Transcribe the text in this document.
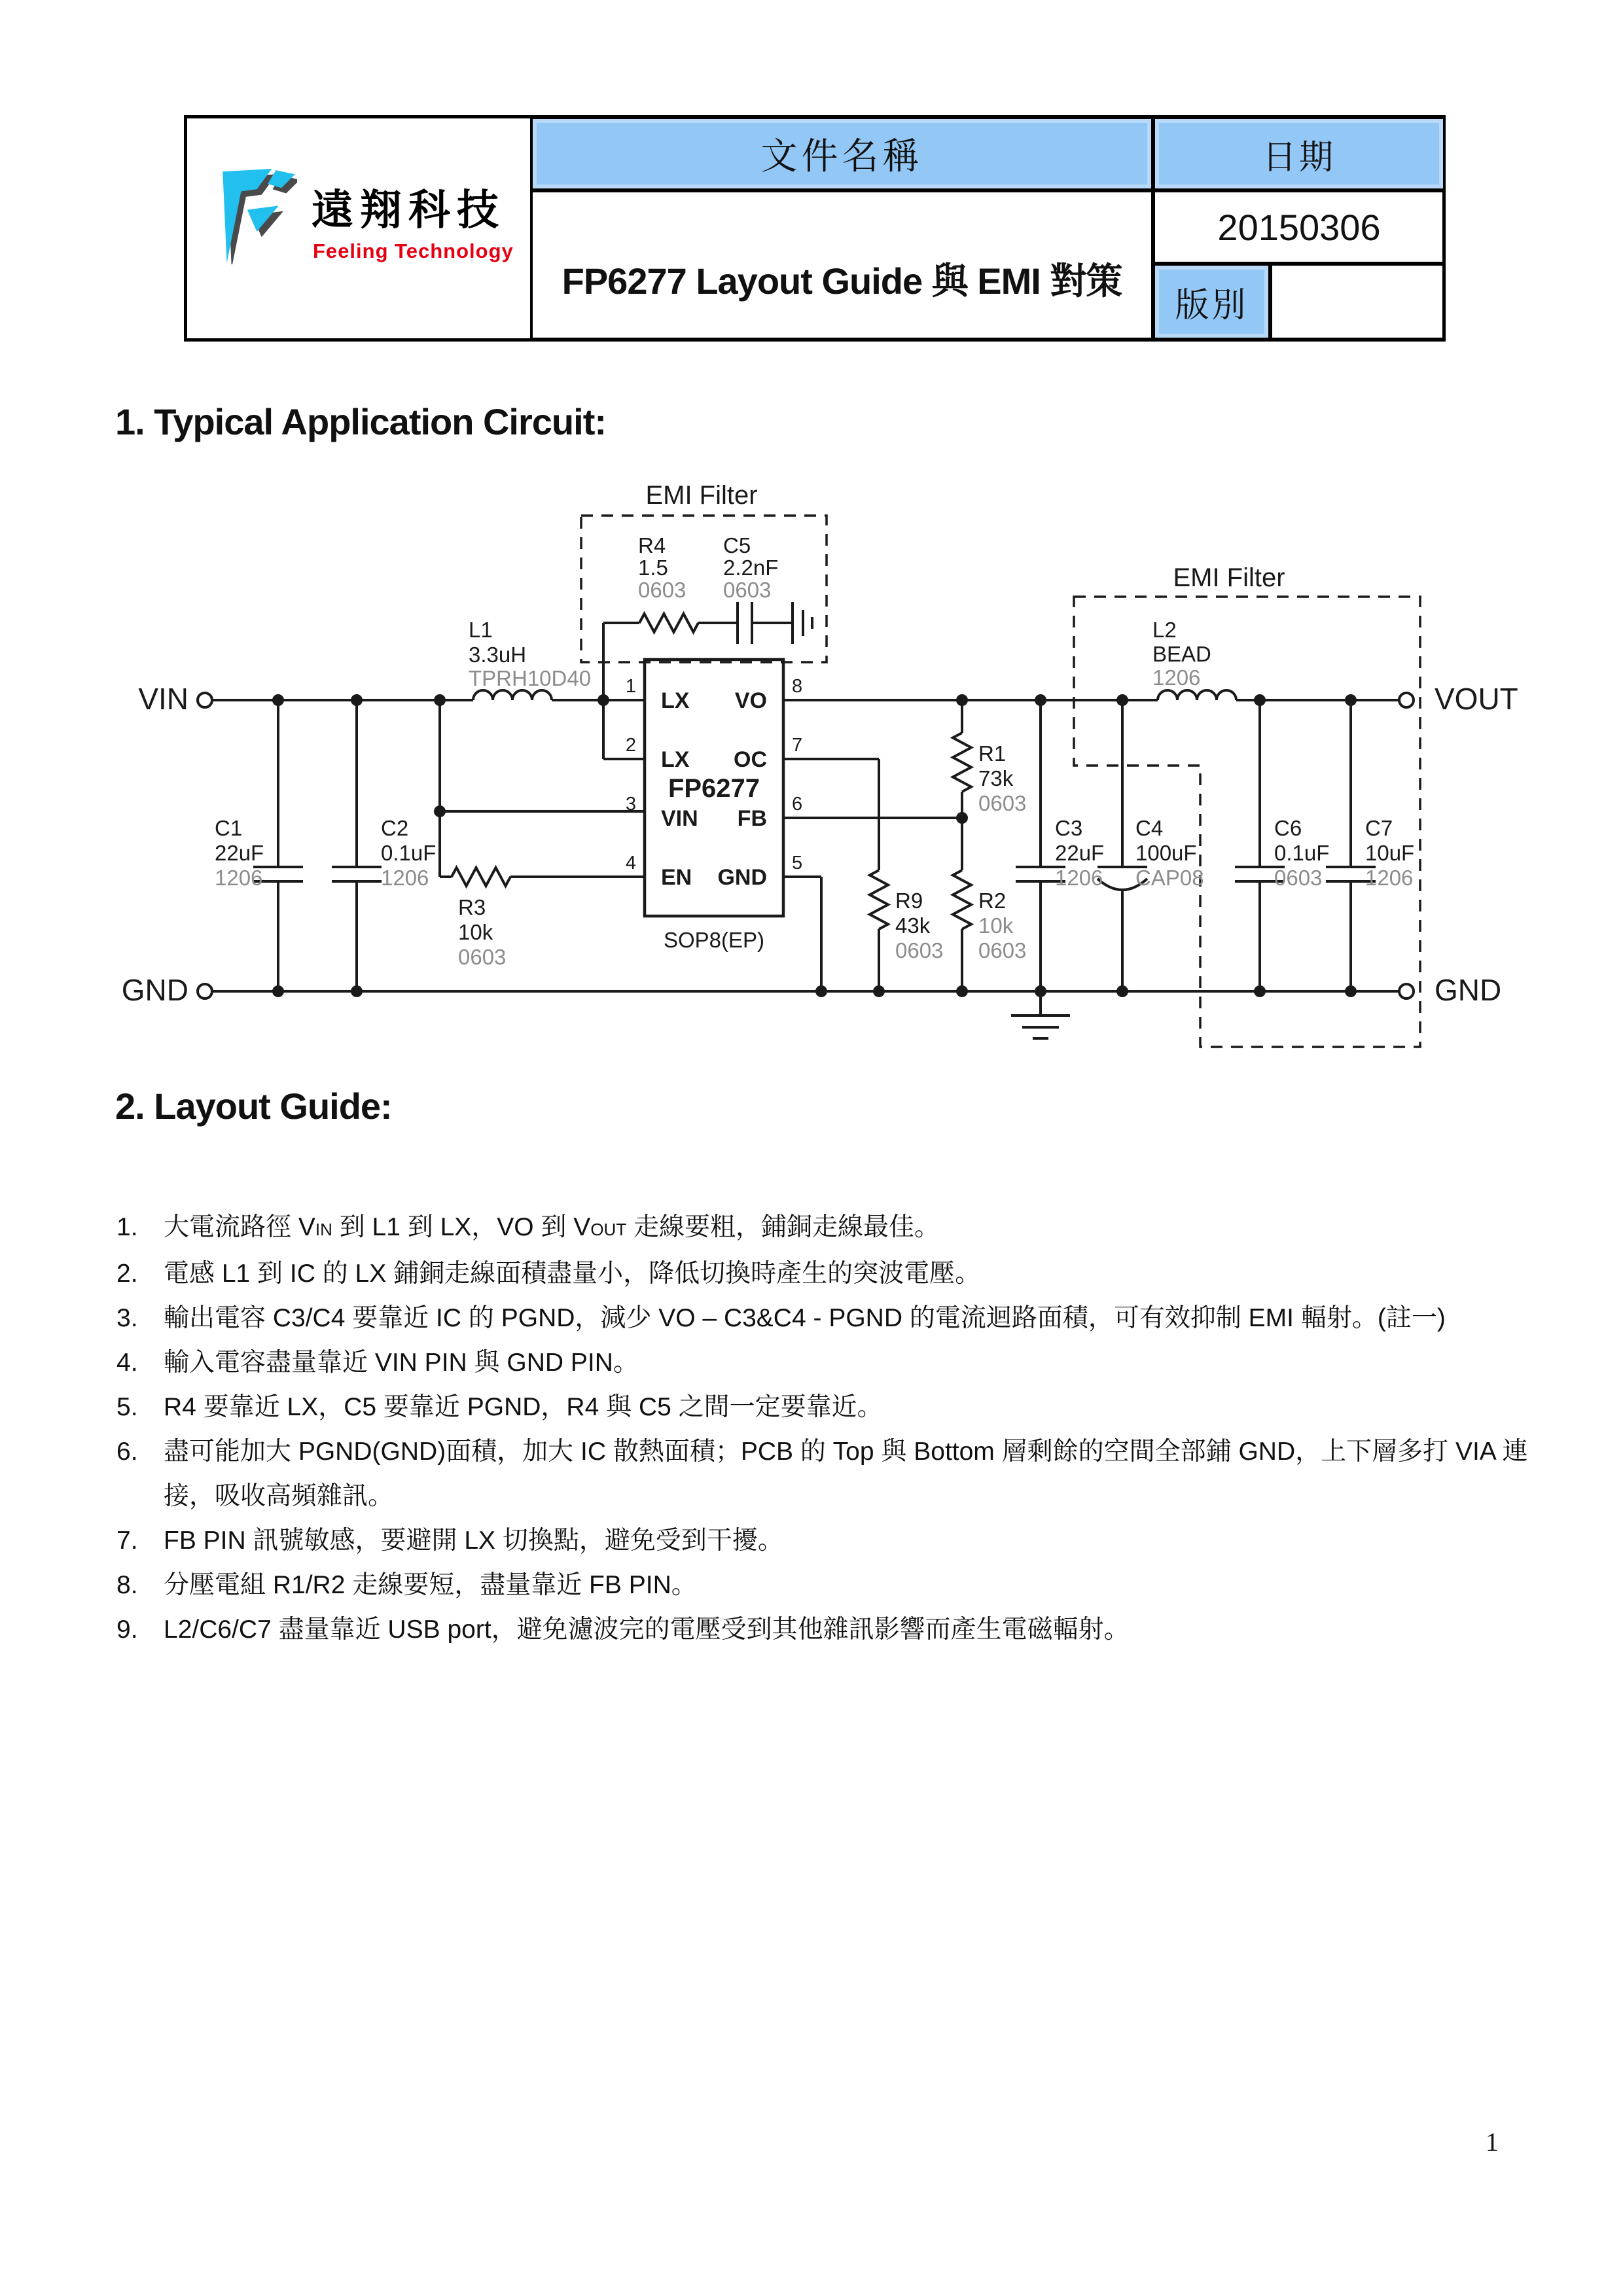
遠翔科技
Feeling Technology
文件名稱
FP6277 Layout Guide 與 EMI 對策
日期
20150306
版別
1. Typical Application Circuit:
FP6277
LX
LX
VIN
EN
VO
OC
FB
GND
1
2
3
4
8
7
6
5
SOP8(EP)
EMI Filter
EMI Filter
VIN
GND
VOUT
GND
L1
3.3uH
TPRH10D40
R4
1.5
0603
C5
2.2nF
0603
C1
22uF
1206
C2
0.1uF
1206
R3
10k
0603
R1
73k
0603
R9
43k
0603
R2
10k
0603
C3
22uF
1206
C4
100uF
CAP08
L2
BEAD
1206
C6
0.1uF
0603
C7
10uF
1206
2. Layout Guide:
1.	大電流路徑 VIN 到 L1 到 LX，VO 到 VOUT 走線要粗，鋪銅走線最佳。
2.	電感 L1 到 IC 的 LX 鋪銅走線面積盡量小，降低切換時產生的突波電壓。
3.	輸出電容 C3/C4 要靠近 IC 的 PGND，減少 VO – C3&C4 - PGND 的電流迴路面積，可有效抑制 EMI 輻射。(註一)
4.	輸入電容盡量靠近 VIN PIN 與 GND PIN。
5.	R4 要靠近 LX，C5 要靠近 PGND，R4 與 C5 之間一定要靠近。
6.	盡可能加大 PGND(GND)面積，加大 IC 散熱面積；PCB 的 Top 與 Bottom 層剩餘的空間全部鋪 GND，上下層多打 VIA 連接，吸收高頻雜訊。
7.	FB PIN 訊號敏感，要避開 LX 切換點，避免受到干擾。
8.	分壓電組 R1/R2 走線要短，盡量靠近 FB PIN。
9.	L2/C6/C7 盡量靠近 USB port，避免濾波完的電壓受到其他雜訊影響而產生電磁輻射。
1
